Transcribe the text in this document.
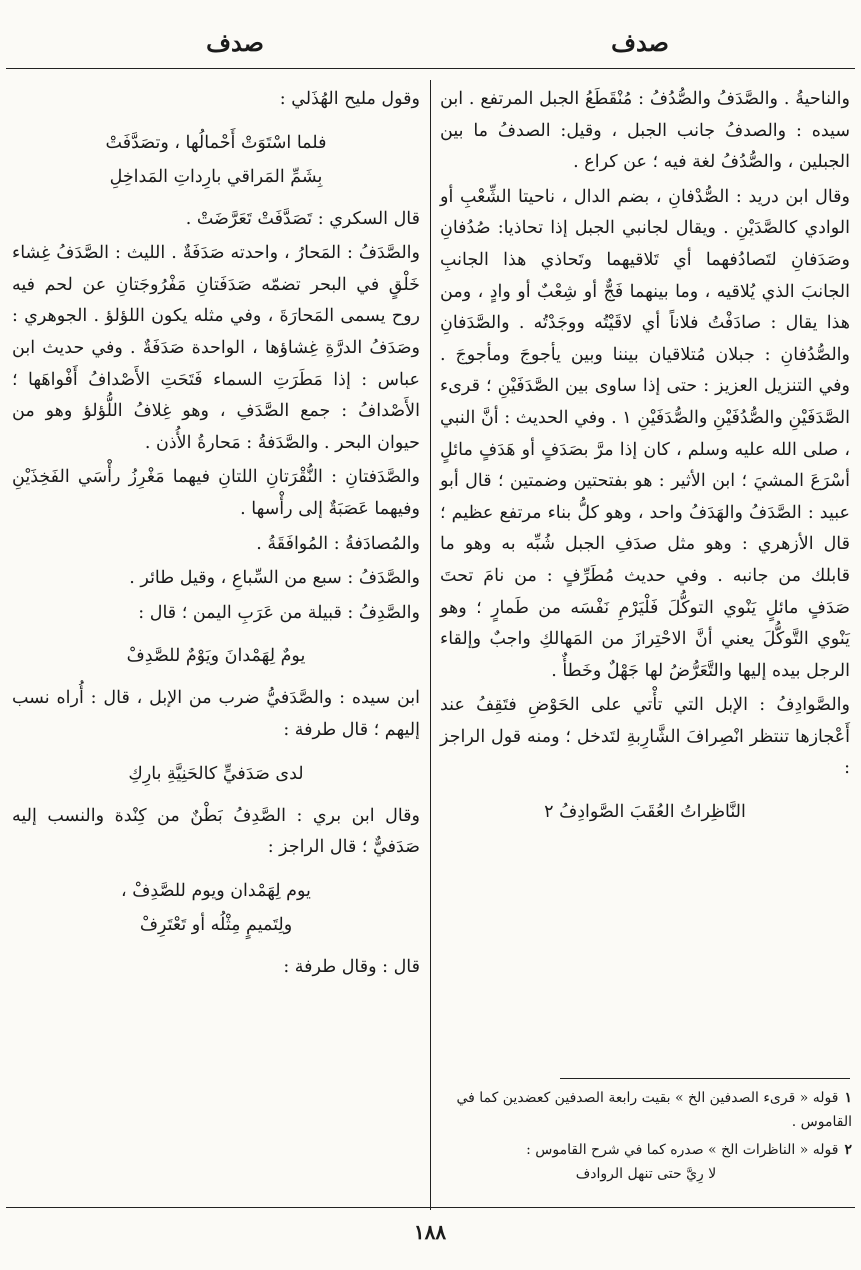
صدف
صدف

والناحيةُ . والصَّدَفُ والصُّدُفُ : مُنْقَطَعُ الجبل المرتفع . ابن سيده : والصدفُ جانب الجبل ، وقيل: الصدفُ ما بين الجبلين ، والصُّدُفُ لغة فيه ؛ عن كراع .

وقال ابن دريد : الصُّدْفانِ ، بضم الدال ، ناحيتا الشِّعْبِ أو الوادي كالصَّدَيْنِ . ويقال لجانبي الجبل إذا تحاذيا: صُدُفانِ وصَدَفانِ لتَصادُفهما أي تَلاقيهما وتَحاذي هذا الجانبِ الجانبَ الذي يُلاقيه ، وما بينهما فَجٌّ أو شِعْبٌ أو وادٍ ، ومن هذا يقال : صادَفْتُ فلاناً أي لاقَيْتُه ووجَدْتُه . والصَّدَفانِ والصُّدُفانِ : جبلان مُتلاقيان بيننا وبين يأجوجَ ومأجوجَ . وفي التنزيل العزيز : حتى إذا ساوى بين الصَّدَفَيْنِ ؛ قرىء الصَّدَفَيْنِ والصُّدُفَيْنِ والصُّدَفَيْنِ ١ . وفي الحديث : أنَّ النبي ، صلى الله عليه وسلم ، كان إذا مرَّ بصَدَفٍ أو هَدَفٍ مائلٍ أسْرَعَ المشيَ ؛ ابن الأثير : هو بفتحتين وضمتين ؛ قال أبو عبيد : الصَّدَفُ والهَدَفُ واحد ، وهو كلُّ بناء مرتفع عظيم ؛ قال الأزهري : وهو مثل صدَفِ الجبل شُبِّه به وهو ما قابلك من جانبه . وفي حديث مُطَرِّفٍ : من نامَ تحتَ صَدَفٍ مائلٍ يَنْوي التوكُّلَ فَلْيَرْمِ نَفْسَه من طَمارٍ ؛ وهو يَنْوي التَّوكُّلَ يعني أنَّ الاحْتِرازَ من المَهالكِ واجبٌ وإلقاء الرجل بيده إليها والتَّعَرُّضُ لها جَهْلٌ وخَطأٌ .

والصَّوادِفُ : الإبل التي تأْتي على الحَوْضِ فتَقِفُ عند أَعْجازها تنتظر انْصِرافَ الشَّارِبةِ لتَدخل ؛ ومنه قول الراجز :

النَّاظِراتُ العُقَبَ الصَّوادِفُ ٢

وقول مليح الهُذَلي :

فلما اسْتَوَتْ أَحْمالُها ، وتصَدَّفَتْ
بِشَمِّ المَراقي بارِداتِ المَداخِلِ

قال السكري : تَصَدَّفَتْ تَعَرَّضَتْ .

والصَّدَفُ : المَحارُ ، واحدته صَدَفَةٌ . الليث : الصَّدَفُ غِشاء خَلْقٍ في البحر تضمّه صَدَفَتانِ مَفْرُوجَتانِ عن لحم فيه روح يسمى المَحارَةَ ، وفي مثله يكون اللؤلؤ . الجوهري : وصَدَفُ الدرَّةِ غِشاؤها ، الواحدة صَدَفَةٌ . وفي حديث ابن عباس : إذا مَطَرَتِ السماء فَتَحَتِ الأَصْدافُ أَفْواهَها ؛ الأَصْدافُ : جمع الصَّدَفِ ، وهو غِلافُ اللُّؤلؤ وهو من حيوان البحر . والصَّدَفةُ : مَحارةُ الأُذن .

والصَّدَفتانِ : النُّقْرَتانِ اللتانِ فيهما مَغْرِزُ رأْسَي الفَخِذَيْنِ وفيهما عَصَبَةٌ إلى رأْسها .

والمُصادَفةُ : المُوافَقَةُ .

والصَّدَفُ : سبع من السِّباعِ ، وقيل طائر .

والصَّدِفُ : قبيلة من عَرَبِ اليمن ؛ قال :

يومٌ لِهَمْدانَ ويَوْمٌ للصَّدِفْ

ابن سيده : والصَّدَفيُّ ضرب من الإبل ، قال : أُراه نسب إليهم ؛ قال طرفة :

لدى صَدَفيٍّ كالحَنِيَّةِ بارِكِ

وقال ابن بري : الصَّدِفُ بَطْنٌ من كِنْدة والنسب إليه صَدَفيٌّ ؛ قال الراجز :

يوم لِهَمْدان ويوم للصَّدِفْ ،
ولِتَميمٍ مِثْلُه أو تَعْتَرِفْ

قال : وقال طرفة :

١قوله « قرىء الصدفين الخ » بقيت رابعة الصدفين كعضدين كما في القاموس .
٢قوله « الناظرات الخ » صدره كما في شرح القاموس :
لا رِيَّ حتى تنهل الروادف
١٨٨
